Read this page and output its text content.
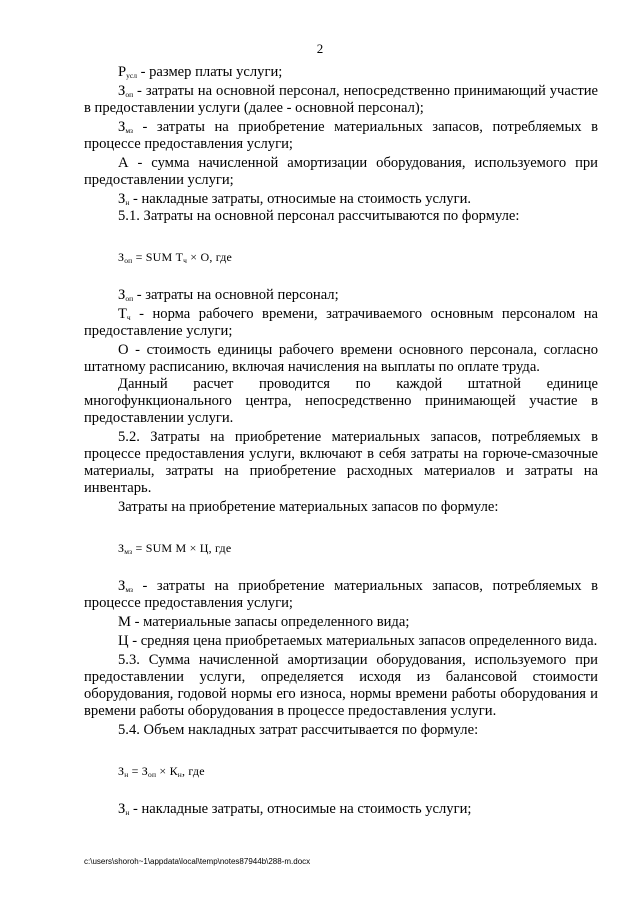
2

$P_{усл}$ - размер платы услуги;

$З_{оп}$ - затраты на основной персонал, непосредственно принимающий участие в предоставлении услуги (далее - основной персонал);

$З_{мз}$ - затраты на приобретение материальных запасов, потребляемых в процессе предоставления услуги;

А - сумма начисленной амортизации оборудования, используемого при предоставлении услуги;

$З_н$ - накладные затраты, относимые на стоимость услуги.

5.1. Затраты на основной персонал рассчитываются по формуле:

$З_{оп}$ = SUM $Т_ч \times О$, где

$З_{оп}$ - затраты на основной персонал;

$Т_ч$ - норма рабочего времени, затрачиваемого основным персоналом на предоставление услуги;

О - стоимость единицы рабочего времени основного персонала, согласно штатному расписанию, включая начисления на выплаты по оплате труда.

Данный расчет проводится по каждой штатной единице многофункционального центра, непосредственно принимающей участие в предоставлении услуги.

5.2. Затраты на приобретение материальных запасов, потребляемых в процессе предоставления услуги, включают в себя затраты на горюче-смазочные материалы, затраты на приобретение расходных материалов и затраты на инвентарь.

Затраты на приобретение материальных запасов по формуле:

$З_{мз}$ = SUM М × Ц, где

$З_{мз}$ - затраты на приобретение материальных запасов, потребляемых в процессе предоставления услуги;

М - материальные запасы определенного вида;

Ц - средняя цена приобретаемых материальных запасов определенного вида.

5.3. Сумма начисленной амортизации оборудования, используемого при предоставлении услуги, определяется исходя из балансовой стоимости оборудования, годовой нормы его износа, нормы времени работы оборудования и времени работы оборудования в процессе предоставления услуги.

5.4. Объем накладных затрат рассчитывается по формуле:

$З_н = З_{оп} \times К_н$, где

$З_н$ - накладные затраты, относимые на стоимость услуги;

c:\users\shoroh~1\appdata\local\temp\notes87944b\288-m.docx
